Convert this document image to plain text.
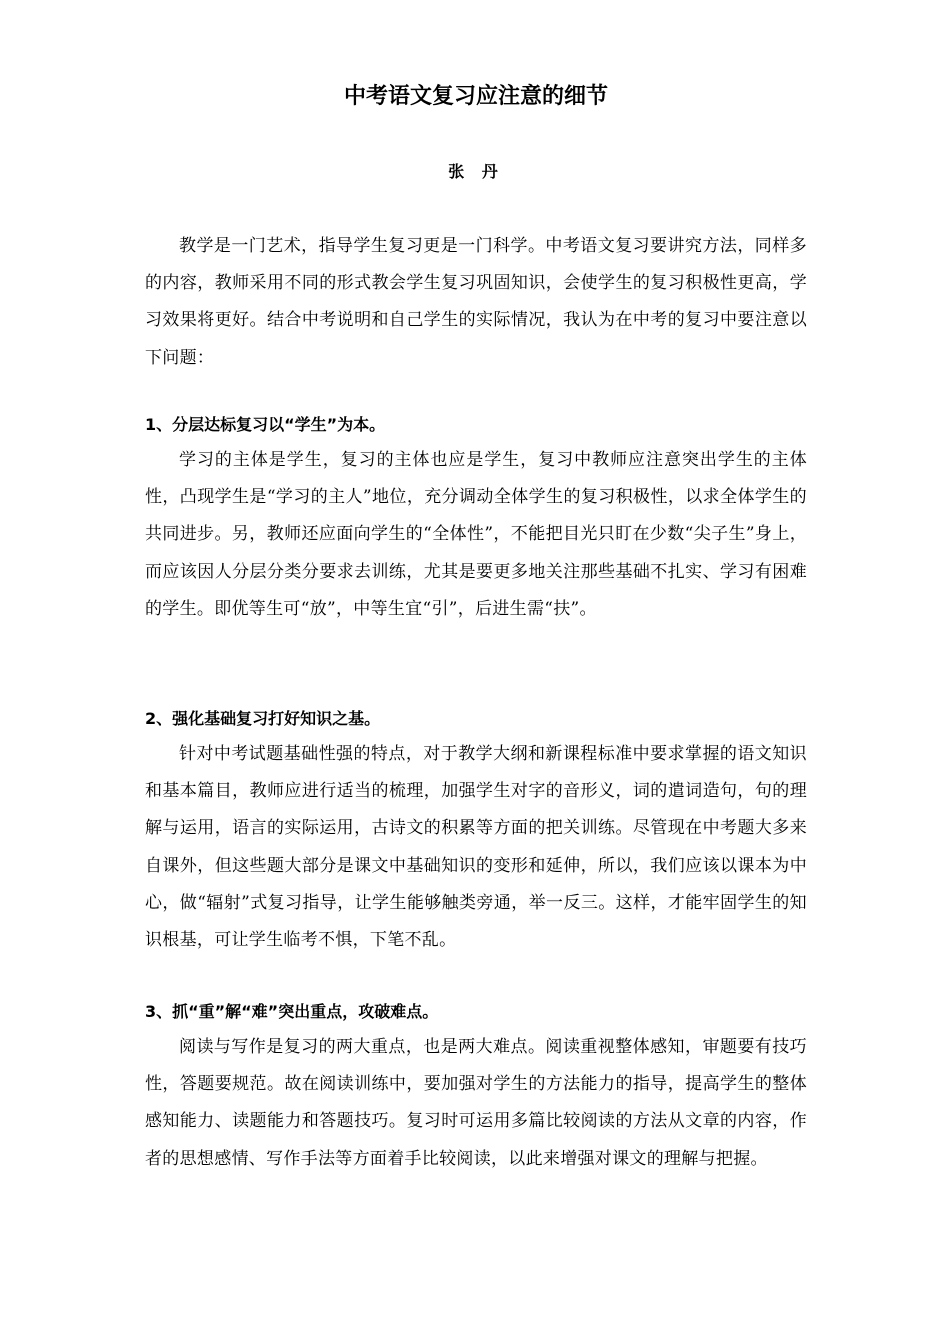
中考语文复习应注意的细节
张 丹

教学是一门艺术，指导学生复习更是一门科学。中考语文复习要讲究方法，同样多的内容，教师采用不同的形式教会学生复习巩固知识，会使学生的复习积极性更高，学习效果将更好。结合中考说明和自己学生的实际情况，我认为在中考的复习中要注意以下问题：

1、分层达标复习以“学生”为本。

学习的主体是学生，复习的主体也应是学生，复习中教师应注意突出学生的主体性，凸现学生是“学习的主人”地位，充分调动全体学生的复习积极性，以求全体学生的共同进步。另，教师还应面向学生的“全体性”，不能把目光只盯在少数“尖子生”身上，而应该因人分层分类分要求去训练，尤其是要更多地关注那些基础不扎实、学习有困难的学生。即优等生可“放”，中等生宜“引”，后进生需“扶”。

2、强化基础复习打好知识之基。

针对中考试题基础性强的特点，对于教学大纲和新课程标准中要求掌握的语文知识和基本篇目，教师应进行适当的梳理，加强学生对字的音形义，词的遣词造句，句的理解与运用，语言的实际运用，古诗文的积累等方面的把关训练。尽管现在中考题大多来自课外，但这些题大部分是课文中基础知识的变形和延伸，所以，我们应该以课本为中心，做“辐射”式复习指导，让学生能够触类旁通，举一反三。这样，才能牢固学生的知识根基，可让学生临考不惧，下笔不乱。

3、抓“重”解“难”突出重点，攻破难点。

阅读与写作是复习的两大重点，也是两大难点。阅读重视整体感知，审题要有技巧性，答题要规范。故在阅读训练中，要加强对学生的方法能力的指导，提高学生的整体感知能力、读题能力和答题技巧。复习时可运用多篇比较阅读的方法从文章的内容，作者的思想感情、写作手法等方面着手比较阅读，以此来增强对课文的理解与把握。
